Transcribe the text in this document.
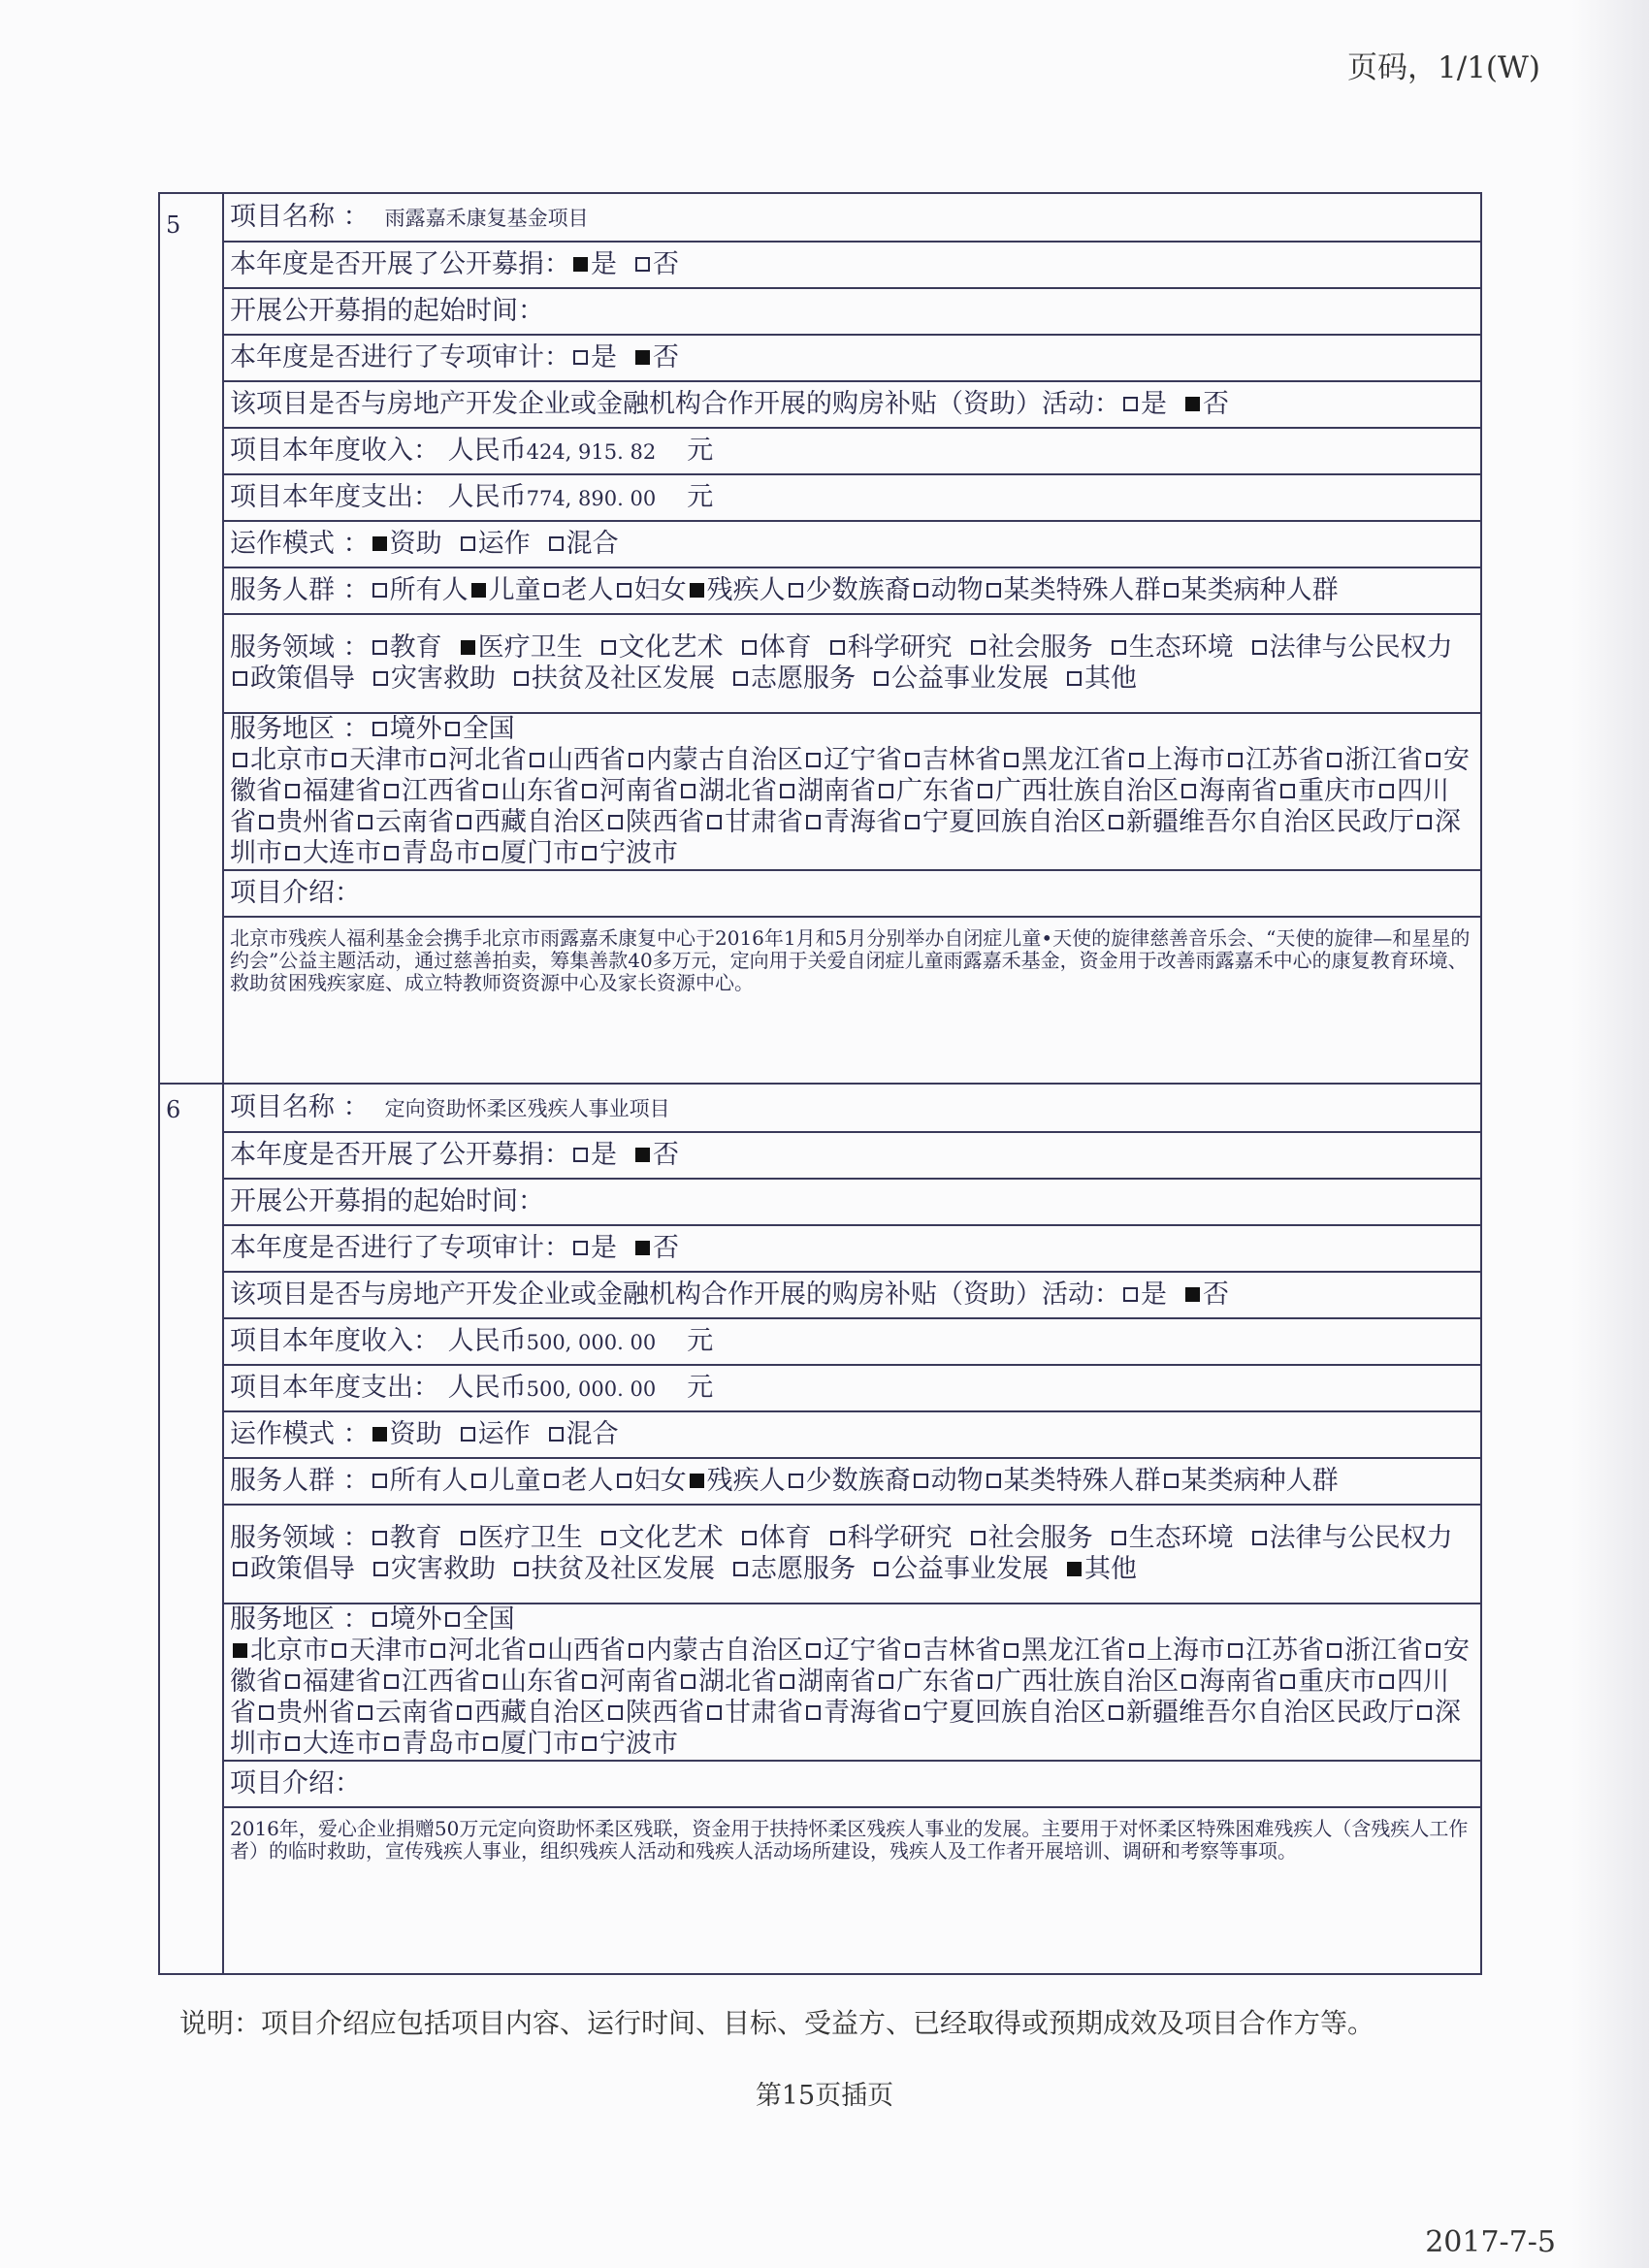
页码，1/1(W)
5	项目名称 ： 雨露嘉禾康复基金项目
	本年度是否开展了公开募捐： 是 否
	开展公开募捐的起始时间：
	本年度是否进行了专项审计： 是 否
	该项目是否与房地产开发企业或金融机构合作开展的购房补贴（资助）活动： 是 否
	项目本年度收入： 人民币424, 915. 82 元
	项目本年度支出： 人民币774, 890. 00 元
	运作模式 ： 资助 运作 混合
	服务人群 ： 所有人 儿童 老人 妇女 残疾人 少数族裔 动物 某类特殊人群 某类病种人群
	服务领域 ： 教育 医疗卫生 文化艺术 体育 科学研究 社会服务 生态环境 法律与公民权力政策倡导 灾害救助 扶贫及社区发展 志愿服务 公益事业发展 其他
	服务地区 ： 境外 全国
北京市 天津市 河北省 山西省 内蒙古自治区 辽宁省 吉林省 黑龙江省 上海市 江苏省 浙江省 安徽省 福建省 江西省 山东省 河南省 湖北省 湖南省 广东省 广西壮族自治区 海南省 重庆市 四川省 贵州省 云南省 西藏自治区 陕西省 甘肃省 青海省 宁夏回族自治区 新疆维吾尔自治区民政厅 深圳市 大连市 青岛市 厦门市 宁波市
	项目介绍：

	北京市残疾人福利基金会携手北京市雨露嘉禾康复中心于2016年1月和5月分别举办自闭症儿童•天使的旋律慈善音乐会、“天使的旋律—和星星的约会”公益主题活动，通过慈善拍卖，筹集善款40多万元，定向用于关爱自闭症儿童雨露嘉禾基金，资金用于改善雨露嘉禾中心的康复教育环境、救助贫困残疾家庭、成立特教师资资源中心及家长资源中心。

6	项目名称 ： 定向资助怀柔区残疾人事业项目
	本年度是否开展了公开募捐： 是 否
	开展公开募捐的起始时间：
	本年度是否进行了专项审计： 是 否
	该项目是否与房地产开发企业或金融机构合作开展的购房补贴（资助）活动： 是 否
	项目本年度收入： 人民币500, 000. 00 元
	项目本年度支出： 人民币500, 000. 00 元
	运作模式 ： 资助 运作 混合
	服务人群 ： 所有人 儿童 老人 妇女 残疾人 少数族裔 动物 某类特殊人群 某类病种人群
	服务领域 ： 教育 医疗卫生 文化艺术 体育 科学研究 社会服务 生态环境 法律与公民权力政策倡导 灾害救助 扶贫及社区发展 志愿服务 公益事业发展 其他
	服务地区 ： 境外 全国
北京市 天津市 河北省 山西省 内蒙古自治区 辽宁省 吉林省 黑龙江省 上海市 江苏省 浙江省 安徽省 福建省 江西省 山东省 河南省 湖北省 湖南省 广东省 广西壮族自治区 海南省 重庆市 四川省 贵州省 云南省 西藏自治区 陕西省 甘肃省 青海省 宁夏回族自治区 新疆维吾尔自治区民政厅 深圳市 大连市 青岛市 厦门市 宁波市
	项目介绍：

	2016年，爱心企业捐赠50万元定向资助怀柔区残联，资金用于扶持怀柔区残疾人事业的发展。主要用于对怀柔区特殊困难残疾人（含残疾人工作者）的临时救助，宣传残疾人事业，组织残疾人活动和残疾人活动场所建设，残疾人及工作者开展培训、调研和考察等事项。
说明：项目介绍应包括项目内容、运行时间、目标、受益方、已经取得或预期成效及项目合作方等。
第15页插页
2017-7-5
